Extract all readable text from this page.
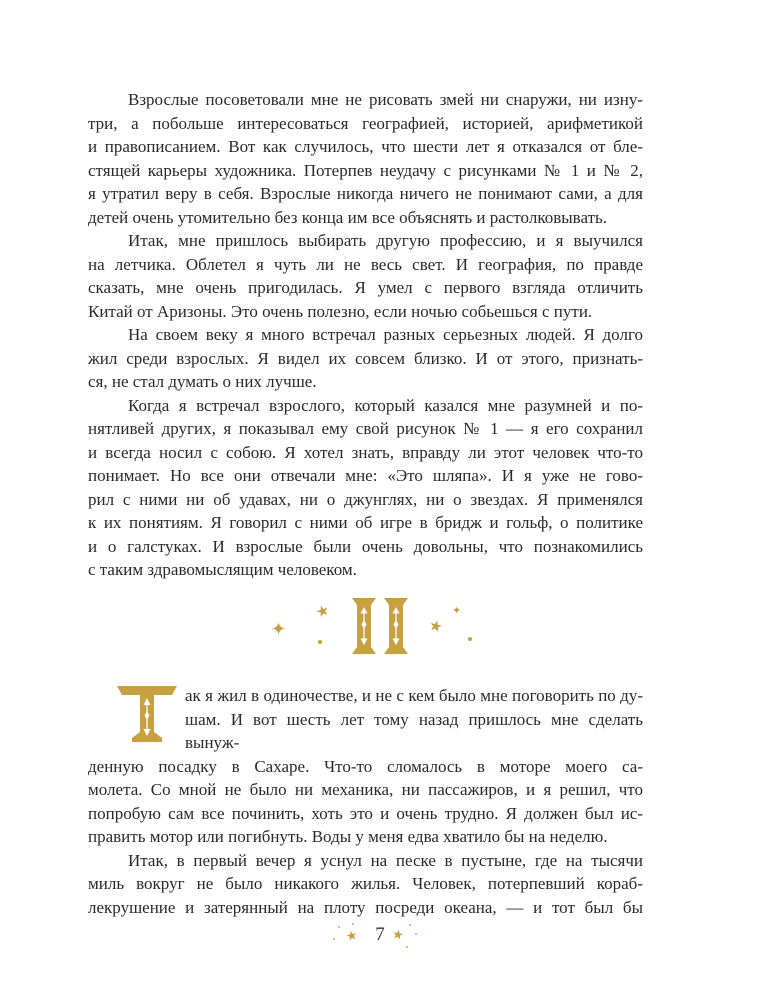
Взрослые посоветовали мне не рисовать змей ни снаружи, ни изну-
три, а побольше интересоваться географией, историей, арифметикой
и правописанием. Вот как случилось, что шести лет я отказался от бле-
стящей карьеры художника. Потерпев неудачу с рисунками № 1 и № 2,
я утратил веру в себя. Взрослые никогда ничего не понимают сами, а для
детей очень утомительно без конца им все объяснять и растолковывать.

Итак, мне пришлось выбирать другую профессию, и я выучился
на летчика. Облетел я чуть ли не весь свет. И география, по правде
сказать, мне очень пригодилась. Я умел с первого взгляда отличить
Китай от Аризоны. Это очень полезно, если ночью собьешься с пути.

На своем веку я много встречал разных серьезных людей. Я долго
жил среди взрослых. Я видел их совсем близко. И от этого, признать-
ся, не стал думать о них лучше.

Когда я встречал взрослого, который казался мне разумней и по-
нятливей других, я показывал ему свой рисунок № 1 — я его сохранил
и всегда носил с собою. Я хотел знать, вправду ли этот человек что-то
понимает. Но все они отвечали мне: «Это шляпа». И я уже не гово-
рил с ними ни об удавах, ни о джунглях, ни о звездах. Я применялся
к их понятиям. Я говорил с ними об игре в бридж и гольф, о политике
и о галстуках. И взрослые были очень довольны, что познакомились
с таким здравомыслящим человеком.

★
✦
✦
★

ак я жил в одиночестве, и не с кем было мне поговорить по ду-
шам. И вот шесть лет тому назад пришлось мне сделать вынуж-
денную посадку в Сахаре. Что-то сломалось в моторе моего са-
молета. Со мной не было ни механика, ни пассажиров, и я решил, что
попробую сам все починить, хоть это и очень трудно. Я должен был ис-
править мотор или погибнуть. Воды у меня едва хватило бы на неделю.

Итак, в первый вечер я уснул на песке в пустыне, где на тысячи
миль вокруг не было никакого жилья. Человек, потерпевший кораб-
лекрушение и затерянный на плоту посреди океана, — и тот был бы

★ 7 ★
